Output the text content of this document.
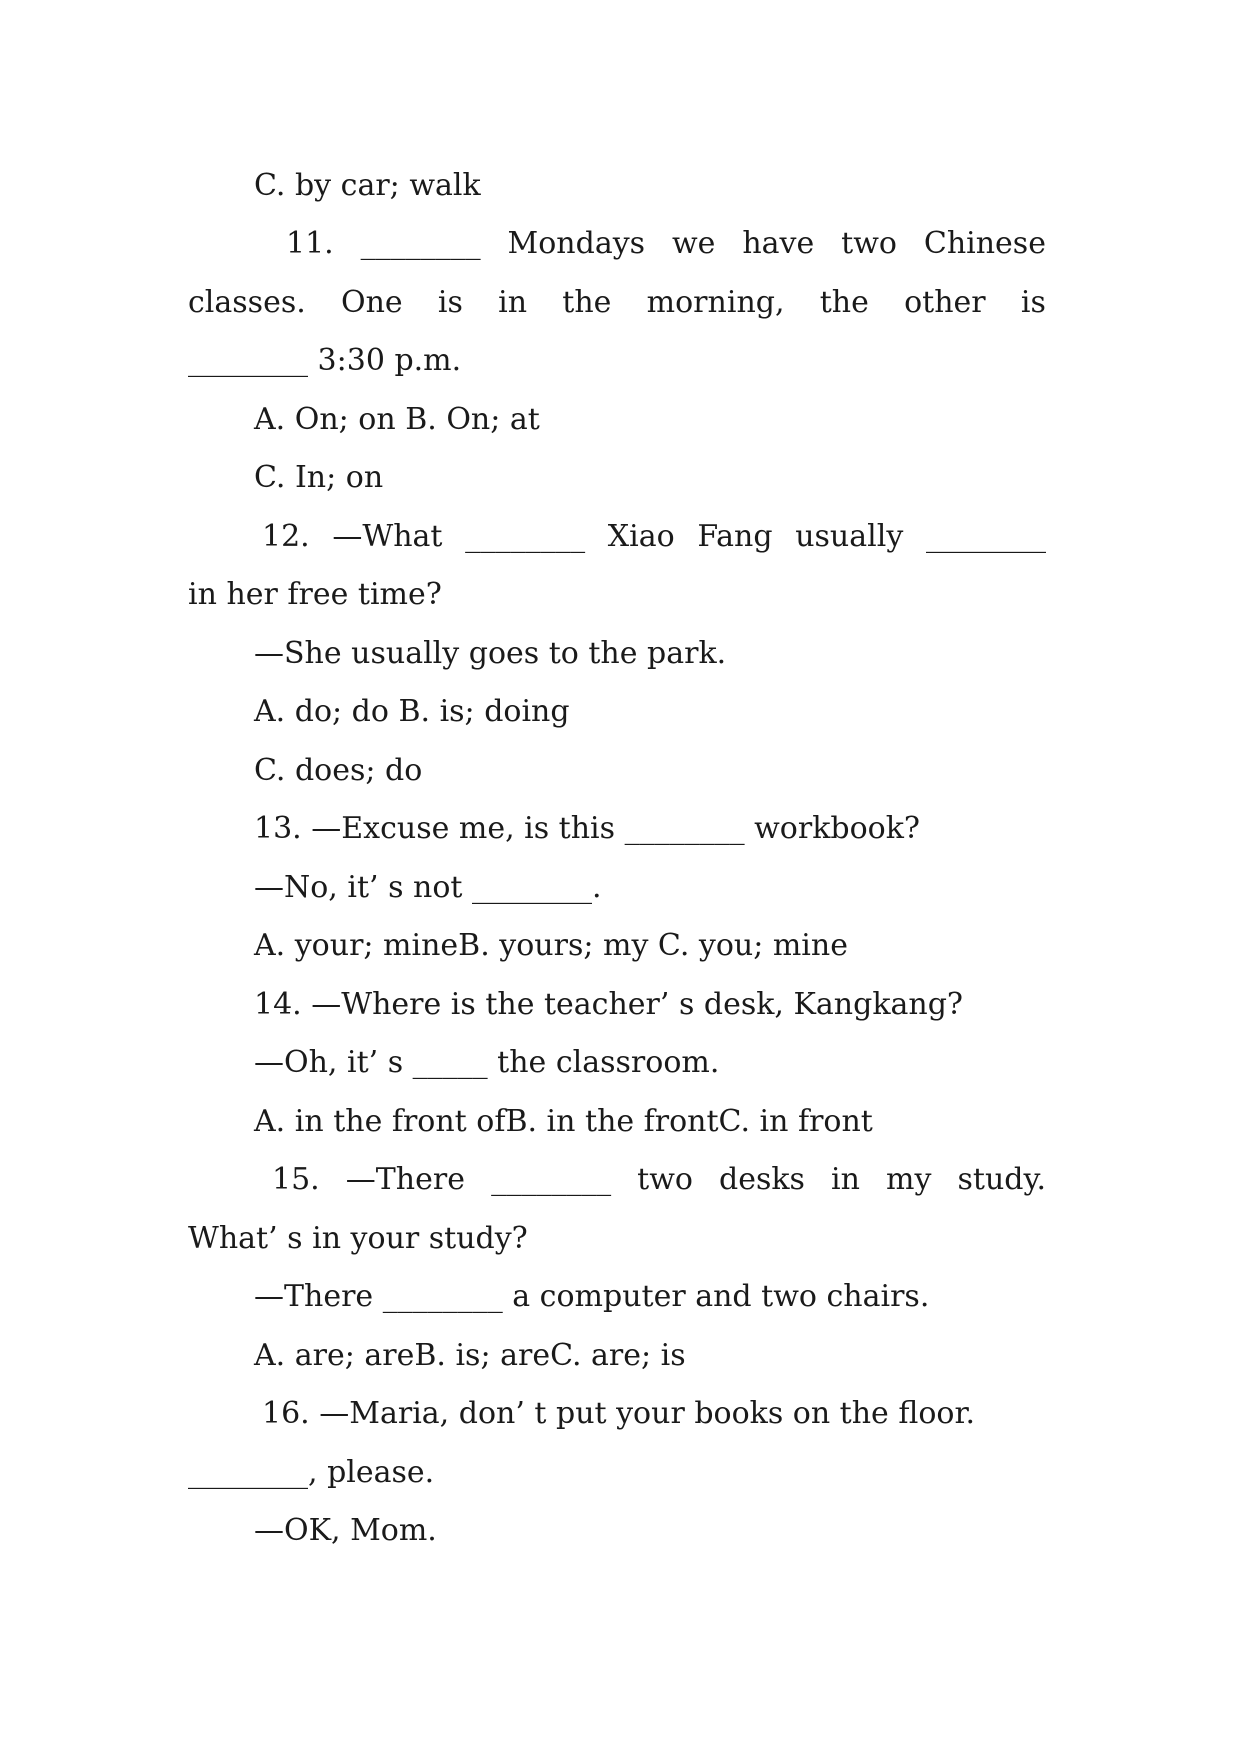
C. by car; walk
11. ________ Mondays we have two Chinese
classes. One is in the morning, the other is
________ 3:30 p.m.
A. On; on B. On; at
C. In; on
12. —What ________ Xiao Fang usually ________
in her free time?
—She usually goes to the park.
A. do; do B. is; doing
C. does; do
13. —Excuse me, is this ________ workbook?
—No, it’ s not ________.
A. your; mineB. yours; my C. you; mine
14. —Where is the teacher’ s desk, Kangkang?
—Oh, it’ s _____ the classroom.
A. in the front ofB. in the frontC. in front
15. —There ________ two desks in my study.
What’ s in your study?
—There ________ a computer and two chairs.
A. are; areB. is; areC. are; is
16. —Maria, don’ t put your books on the floor.
________, please.
—OK, Mom.
